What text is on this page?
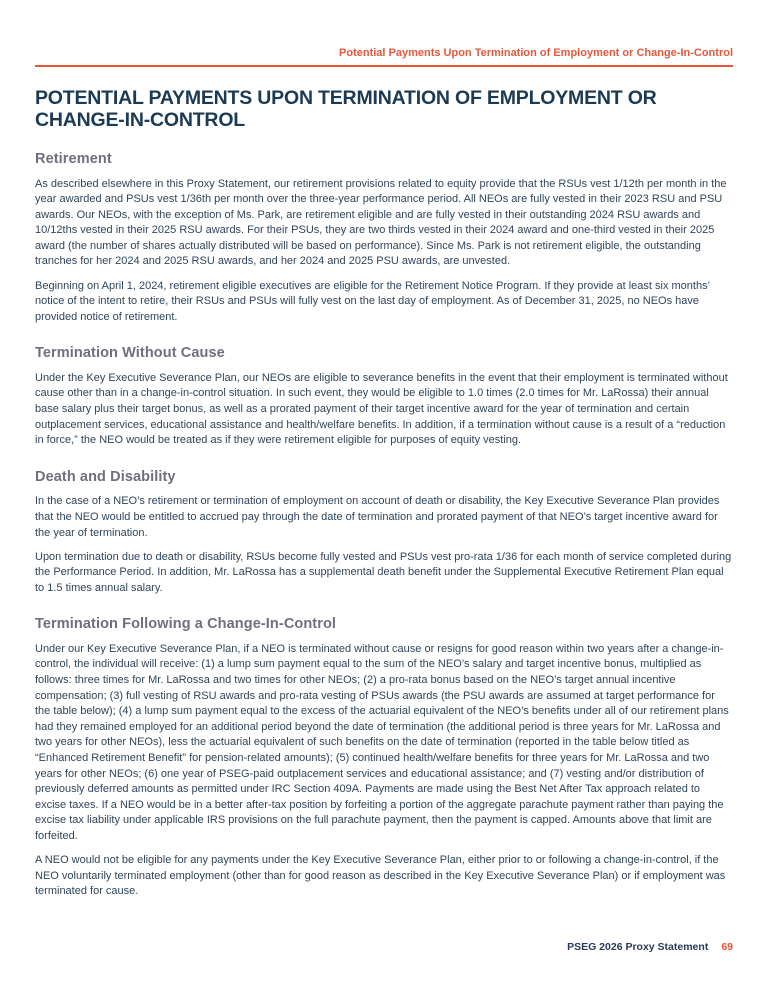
Potential Payments Upon Termination of Employment or Change-In-Control
POTENTIAL PAYMENTS UPON TERMINATION OF EMPLOYMENT OR CHANGE-IN-CONTROL
Retirement

As described elsewhere in this Proxy Statement, our retirement provisions related to equity provide that the RSUs vest 1/12th per month in the year awarded and PSUs vest 1/36th per month over the three-year performance period. All NEOs are fully vested in their 2023 RSU and PSU awards. Our NEOs, with the exception of Ms. Park, are retirement eligible and are fully vested in their outstanding 2024 RSU awards and 10/12ths vested in their 2025 RSU awards. For their PSUs, they are two thirds vested in their 2024 award and one-third vested in their 2025 award (the number of shares actually distributed will be based on performance). Since Ms. Park is not retirement eligible, the outstanding tranches for her 2024 and 2025 RSU awards, and her 2024 and 2025 PSU awards, are unvested.

Beginning on April 1, 2024, retirement eligible executives are eligible for the Retirement Notice Program. If they provide at least six months’ notice of the intent to retire, their RSUs and PSUs will fully vest on the last day of employment. As of December 31, 2025, no NEOs have provided notice of retirement.

Termination Without Cause

Under the Key Executive Severance Plan, our NEOs are eligible to severance benefits in the event that their employment is terminated without cause other than in a change-in-control situation. In such event, they would be eligible to 1.0 times (2.0 times for Mr. LaRossa) their annual base salary plus their target bonus, as well as a prorated payment of their target incentive award for the year of termination and certain outplacement services, educational assistance and health/welfare benefits. In addition, if a termination without cause is a result of a “reduction in force,” the NEO would be treated as if they were retirement eligible for purposes of equity vesting.

Death and Disability

In the case of a NEO’s retirement or termination of employment on account of death or disability, the Key Executive Severance Plan provides that the NEO would be entitled to accrued pay through the date of termination and prorated payment of that NEO’s target incentive award for the year of termination.

Upon termination due to death or disability, RSUs become fully vested and PSUs vest pro-rata 1/36 for each month of service completed during the Performance Period. In addition, Mr. LaRossa has a supplemental death benefit under the Supplemental Executive Retirement Plan equal to 1.5 times annual salary.

Termination Following a Change-In-Control

Under our Key Executive Severance Plan, if a NEO is terminated without cause or resigns for good reason within two years after a change-in-control, the individual will receive: (1) a lump sum payment equal to the sum of the NEO’s salary and target incentive bonus, multiplied as follows: three times for Mr. LaRossa and two times for other NEOs; (2) a pro-rata bonus based on the NEO’s target annual incentive compensation; (3) full vesting of RSU awards and pro-rata vesting of PSUs awards (the PSU awards are assumed at target performance for the table below); (4) a lump sum payment equal to the excess of the actuarial equivalent of the NEO’s benefits under all of our retirement plans had they remained employed for an additional period beyond the date of termination (the additional period is three years for Mr. LaRossa and two years for other NEOs), less the actuarial equivalent of such benefits on the date of termination (reported in the table below titled as “Enhanced Retirement Benefit” for pension-related amounts); (5) continued health/welfare benefits for three years for Mr. LaRossa and two years for other NEOs; (6) one year of PSEG-paid outplacement services and educational assistance; and (7) vesting and/or distribution of previously deferred amounts as permitted under IRC Section 409A. Payments are made using the Best Net After Tax approach related to excise taxes. If a NEO would be in a better after-tax position by forfeiting a portion of the aggregate parachute payment rather than paying the excise tax liability under applicable IRS provisions on the full parachute payment, then the payment is capped. Amounts above that limit are forfeited.

A NEO would not be eligible for any payments under the Key Executive Severance Plan, either prior to or following a change-in-control, if the NEO voluntarily terminated employment (other than for good reason as described in the Key Executive Severance Plan) or if employment was terminated for cause.

PSEG 2026 Proxy Statement 69
